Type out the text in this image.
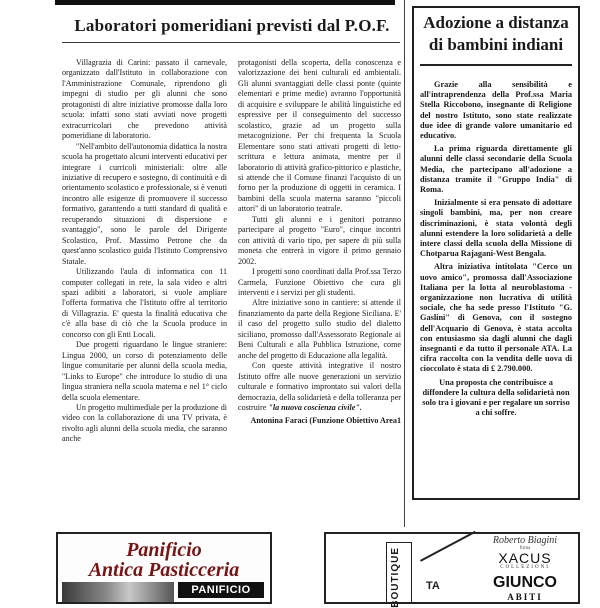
Laboratori pomeridiani previsti dal P.O.F.

Villagrazia di Carini: passato il carnevale, organizzato dall'Istituto in collaborazione con l'Amministrazione Comunale, riprendono gli impegni di studio per gli alunni che sono protagonisti di altre iniziative promosse dalla loro scuola: infatti sono stati avviati nove progetti extracurricolari che prevedono attività pomeridiane di laboratorio.

"Nell'ambito dell'autonomia didattica la nostra scuola ha progettato alcuni interventi educativi per integrare i curricoli ministeriali: oltre alle iniziative di recupero e sostegno, di continuità e di orientamento scolastico e professionale, si è venuti incontro alle esigenze di promuovere il successo formativo, garantendo a tutti standard di qualità e recuperando situazioni di dispersione e svantaggio", sono le parole del Dirigente Scolastico, Prof. Massimo Petrone che da quest'anno scolastico guida l'Istituto Comprensivo Statale.

Utilizzando l'aula di informatica con 11 computer collegati in rete, la sala video e altri spazi adibiti a laboratori, si vuole ampliare l'offerta formativa che l'Istituto offre al territorio di Villagrazia. E' questa la finalità educativa che c'è alla base di ciò che la Scuola produce in concorso con gli Enti Locali.

Due progetti riguardano le lingue straniere: Lingua 2000, un corso di potenziamento delle lingue comunitarie per alunni della scuola media, "Links to Europe" che introduce lo studio di una lingua straniera nella scuola materna e nel 1° ciclo della scuola elementare.

Un progetto multimediale per la produzione di video con la collaborazione di una TV privata, è rivolto agli alunni della scuola media, che saranno anche

protagonisti della scoperta, della conoscenza e valorizzazione dei beni culturali ed ambientali. Gli alunni svantaggiati delle classi ponte (quinte elementari e prime medie) avranno l'opportunità di acquisire e sviluppare le abilità linguistiche ed espressive per il conseguimento del successo scolastico, grazie ad un progetto sulla metacognizione. Per chi frequenta la Scuola Elementare sono stati attivati progetti di letto-scrittura e lettura animata, mentre per il laboratorio di attività grafico-pittorico e plastiche, si attende che il Comune finanzi l'acquisto di un forno per la produzione di oggetti in ceramica. I bambini della scuola materna saranno "piccoli attori" di un laboratorio teatrale.

Tutti gli alunni e i genitori potranno partecipare al progetto "Euro", cinque incontri con attività di vario tipo, per sapere di più sulla moneta che entrerà in vigore il primo gennaio 2002.

I progetti sono coordinati dalla Prof.ssa Terzo Carmela, Funzione Obiettivo che cura gli interventi e i servizi per gli studenti.

Altre iniziative sono in cantiere: si attende il finanziamento da parte della Regione Siciliana. E' il caso del progetto sullo studio del dialetto siciliano, promosso dall'Assessorato Regionale ai Beni Culturali e alla Pubblica Istruzione, come anche del progetto di Educazione alla legalità.

Con queste attività integrative il nostro Istituto offre alle nuove generazioni un servizio culturale e formativo improntato sui valori della democrazia, della solidarietà e della tolleranza per costruire "la nuova coscienza civile".

Antonina Faraci (Funzione Obiettivo Area1
Adozione a distanza
di bambini indiani

Grazie alla sensibilità e all'intraprendenza della Prof.ssa Maria Stella Riccobono, insegnante di Religione del nostro Istituto, sono state realizzate due idee di grande valore umanitario ed educativo.

La prima riguarda direttamente gli alunni delle classi secondarie della Scuola Media, che partecipano all'adozione a distanza tramite il "Gruppo India" di Roma.

Inizialmente si era pensato di adottare singoli bambini, ma, per non creare discriminazioni, è stata volontà degli alunni estendere la loro solidarietà a delle intere classi della scuola della Missione di Chotparua Rajagani-West Bengala.

Altra iniziativa intitolata "Cerco un uovo amico", promossa dall'Associazione Italiana per la lotta al neuroblastoma - organizzazione non lucrativa di utilità sociale, che ha sede presso l'Istituto "G. Gaslini" di Genova, con il sostegno dell'Acquario di Genova, è stata accolta con entusiasmo sia dagli alunni che dagli insegnanti e da tutto il personale ATA. La cifra raccolta con la vendita delle uova di cioccolato è stata di £ 2.790.000.

Una proposta che contribuisce a diffondere la cultura della solidarietà non solo tra i giovani e per regalare un sorriso a chi soffre.

Panificio
Antica Pasticceria
PANIFICIO	BOUTIQUE TA
Roberto Biagini
firma
XACUS
COLLEZIONI
GIUNCO
ABITI
